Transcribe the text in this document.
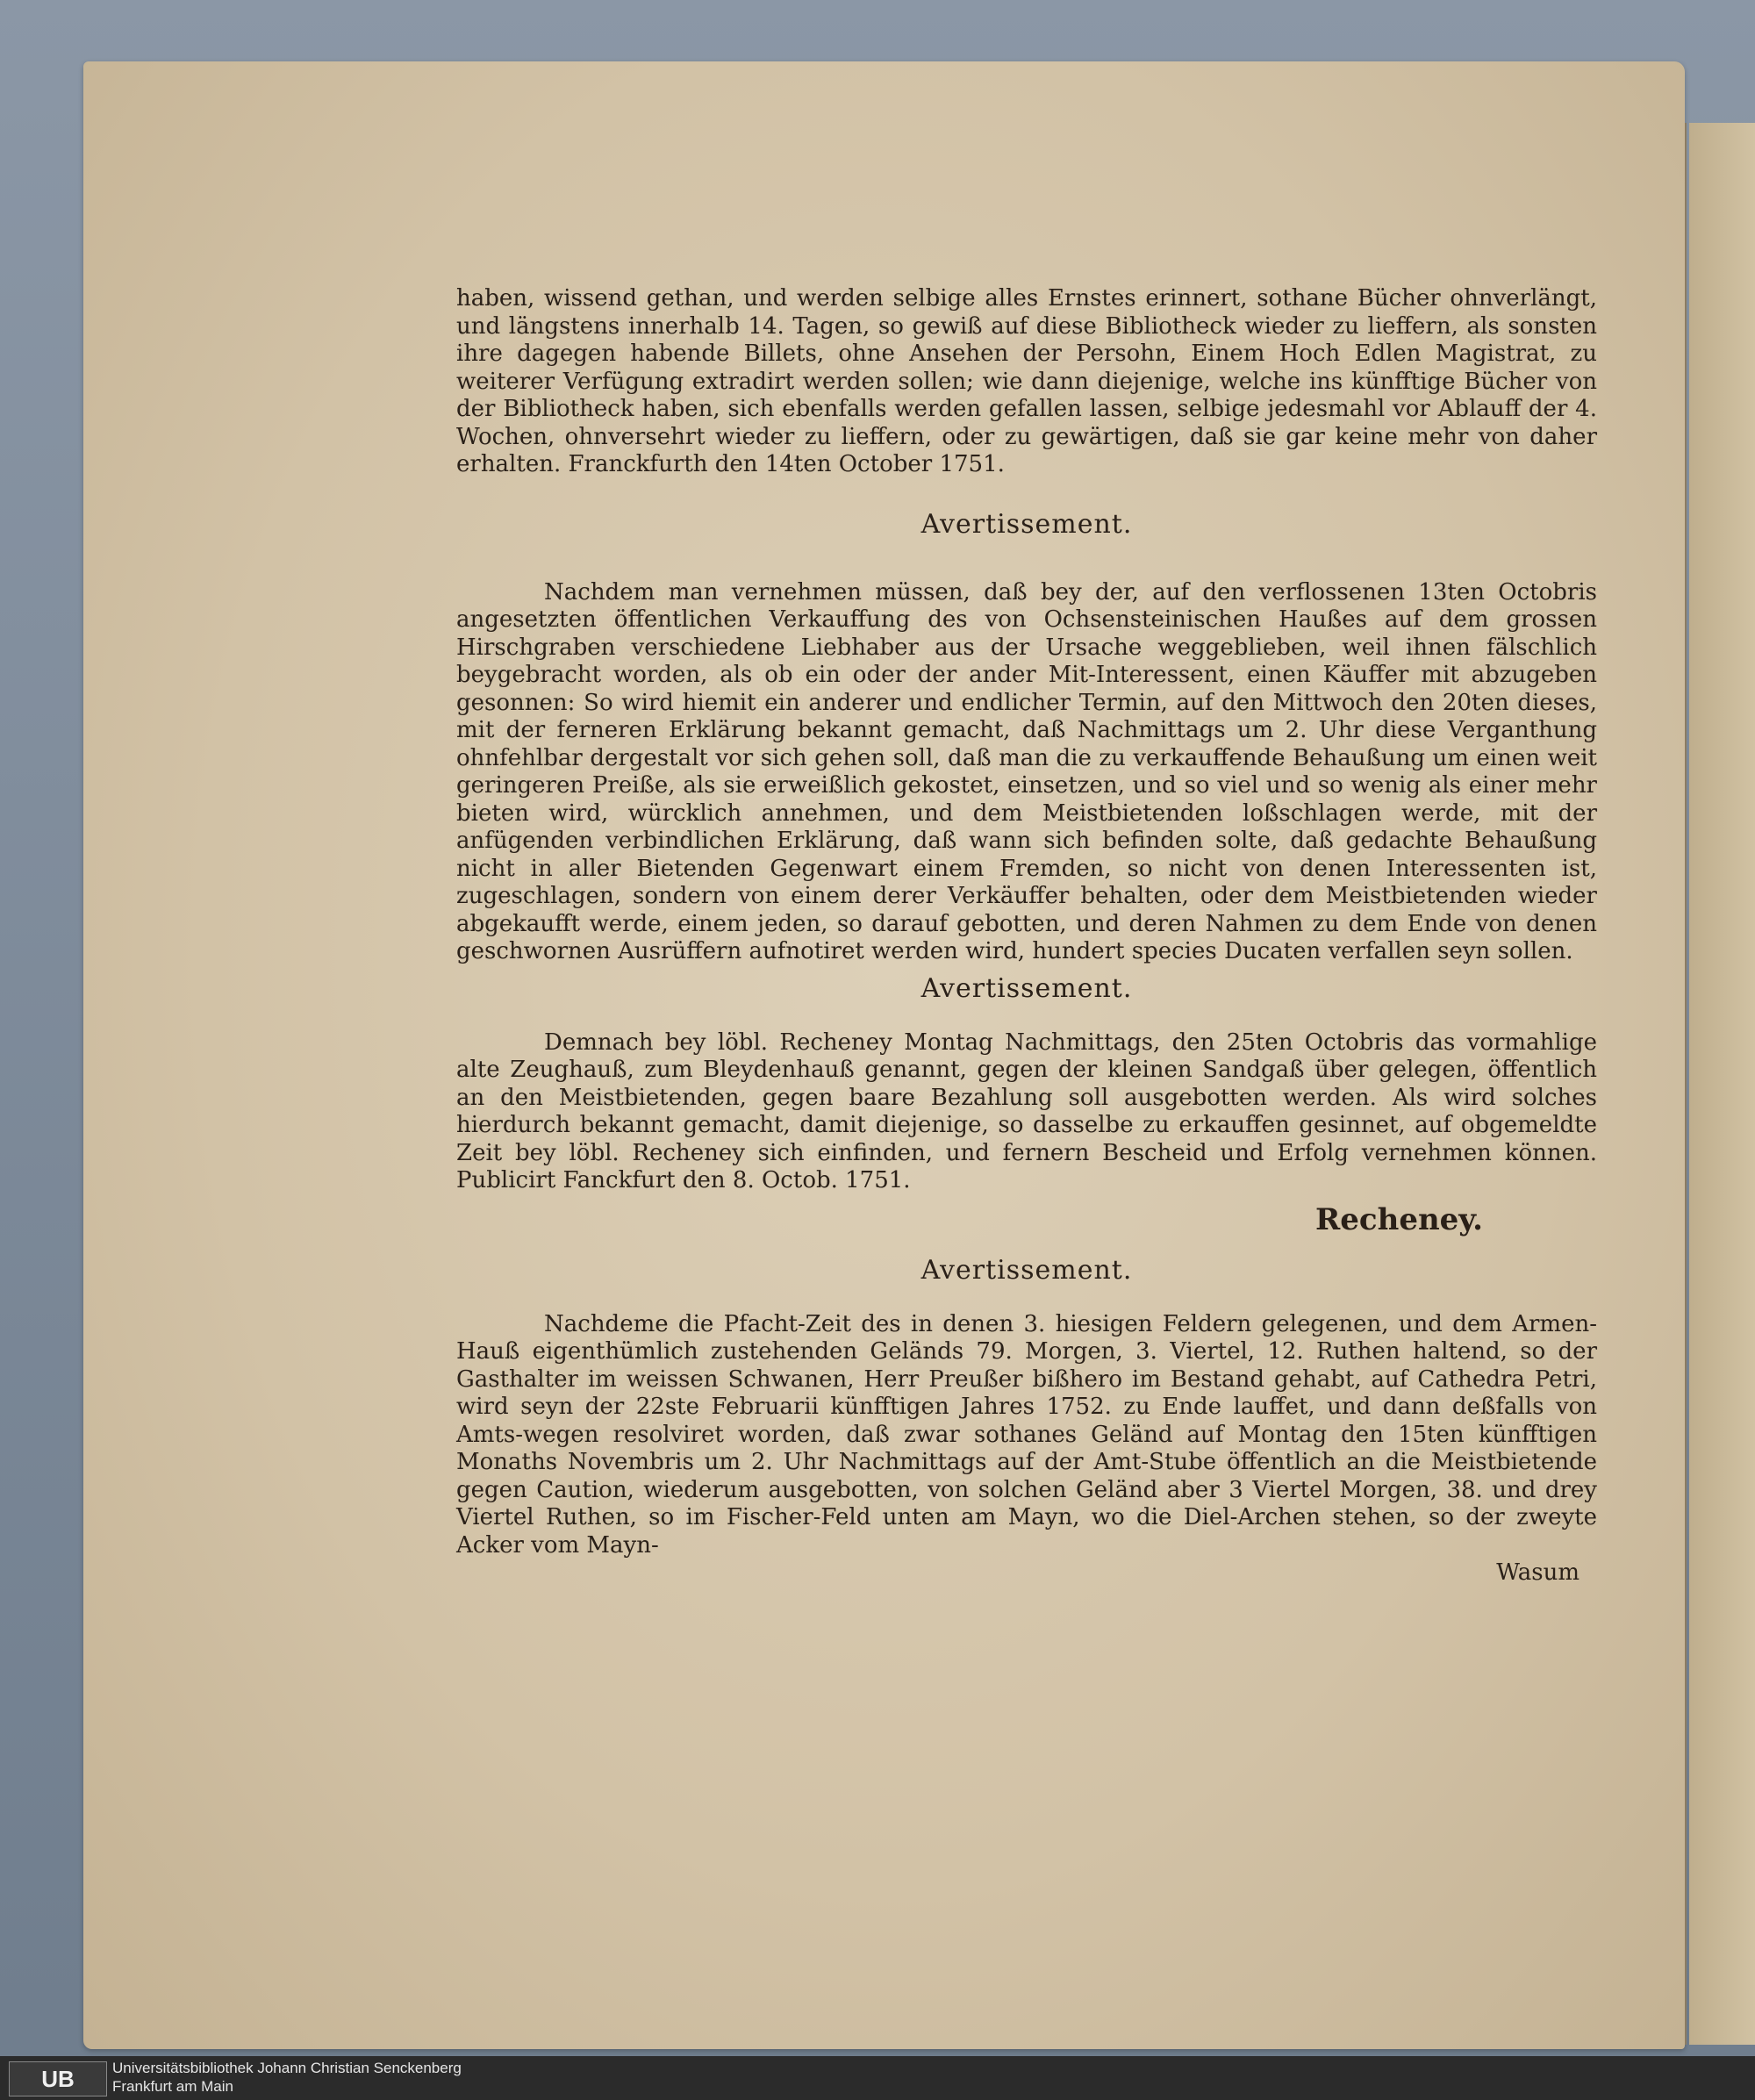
haben, wissend gethan, und werden selbige alles Ernstes erinnert, sothane Bücher ohnverlängt, und längstens innerhalb 14. Tagen, so gewiß auf diese Bibliotheck wieder zu lieffern, als sonsten ihre dagegen habende Billets, ohne Ansehen der Persohn, Einem Hoch Edlen Magistrat, zu weiterer Verfügung extradirt werden sollen; wie dann diejenige, welche ins künfftige Bücher von der Bibliotheck haben, sich ebenfalls werden gefallen lassen, selbige jedesmahl vor Ablauff der 4. Wochen, ohnversehrt wieder zu lieffern, oder zu gewärtigen, daß sie gar keine mehr von daher erhalten. Franckfurth den 14ten October 1751.

Avertissement.

Nachdem man vernehmen müssen, daß bey der, auf den verflossenen 13ten Octobris angesetzten öffentlichen Verkauffung des von Ochsensteinischen Haußes auf dem grossen Hirschgraben verschiedene Liebhaber aus der Ursache weggeblieben, weil ihnen fälschlich beygebracht worden, als ob ein oder der ander Mit-Interessent, einen Käuffer mit abzugeben gesonnen: So wird hiemit ein anderer und endlicher Termin, auf den Mittwoch den 20ten dieses, mit der ferneren Erklärung bekannt gemacht, daß Nachmittags um 2. Uhr diese Verganthung ohnfehlbar dergestalt vor sich gehen soll, daß man die zu verkauffende Behaußung um einen weit geringeren Preiße, als sie erweißlich gekostet, einsetzen, und so viel und so wenig als einer mehr bieten wird, würcklich annehmen, und dem Meistbietenden loßschlagen werde, mit der anfügenden verbindlichen Erklärung, daß wann sich befinden solte, daß gedachte Behaußung nicht in aller Bietenden Gegenwart einem Fremden, so nicht von denen Interessenten ist, zugeschlagen, sondern von einem derer Verkäuffer behalten, oder dem Meistbietenden wieder abgekaufft werde, einem jeden, so darauf gebotten, und deren Nahmen zu dem Ende von denen geschwornen Ausrüffern aufnotiret werden wird, hundert species Ducaten verfallen seyn sollen.

Avertissement.

Demnach bey löbl. Recheney Montag Nachmittags, den 25ten Octobris das vormahlige alte Zeughauß, zum Bleydenhauß genannt, gegen der kleinen Sandgaß über gelegen, öffentlich an den Meistbietenden, gegen baare Bezahlung soll ausgebotten werden. Als wird solches hierdurch bekannt gemacht, damit diejenige, so dasselbe zu erkauffen gesinnet, auf obgemeldte Zeit bey löbl. Recheney sich einfinden, und fernern Bescheid und Erfolg vernehmen können. Publicirt Fanckfurt den 8. Octob. 1751.

Recheney.
Avertissement.

Nachdeme die Pfacht-Zeit des in denen 3. hiesigen Feldern gelegenen, und dem Armen-Hauß eigenthümlich zustehenden Geländs 79. Morgen, 3. Viertel, 12. Ruthen haltend, so der Gasthalter im weissen Schwanen, Herr Preußer bißhero im Bestand gehabt, auf Cathedra Petri, wird seyn der 22ste Februarii künfftigen Jahres 1752. zu Ende lauffet, und dann deßfalls von Amts-wegen resolviret worden, daß zwar sothanes Geländ auf Montag den 15ten künfftigen Monaths Novembris um 2. Uhr Nachmittags auf der Amt-Stube öffentlich an die Meistbietende gegen Caution, wiederum ausgebotten, von solchen Geländ aber 3 Viertel Morgen, 38. und drey Viertel Ruthen, so im Fischer-Feld unten am Mayn, wo die Diel-Archen stehen, so der zweyte Acker vom Mayn-

Wasum
UB	Universitätsbibliothek Johann Christian Senckenberg
Frankfurt am Main
